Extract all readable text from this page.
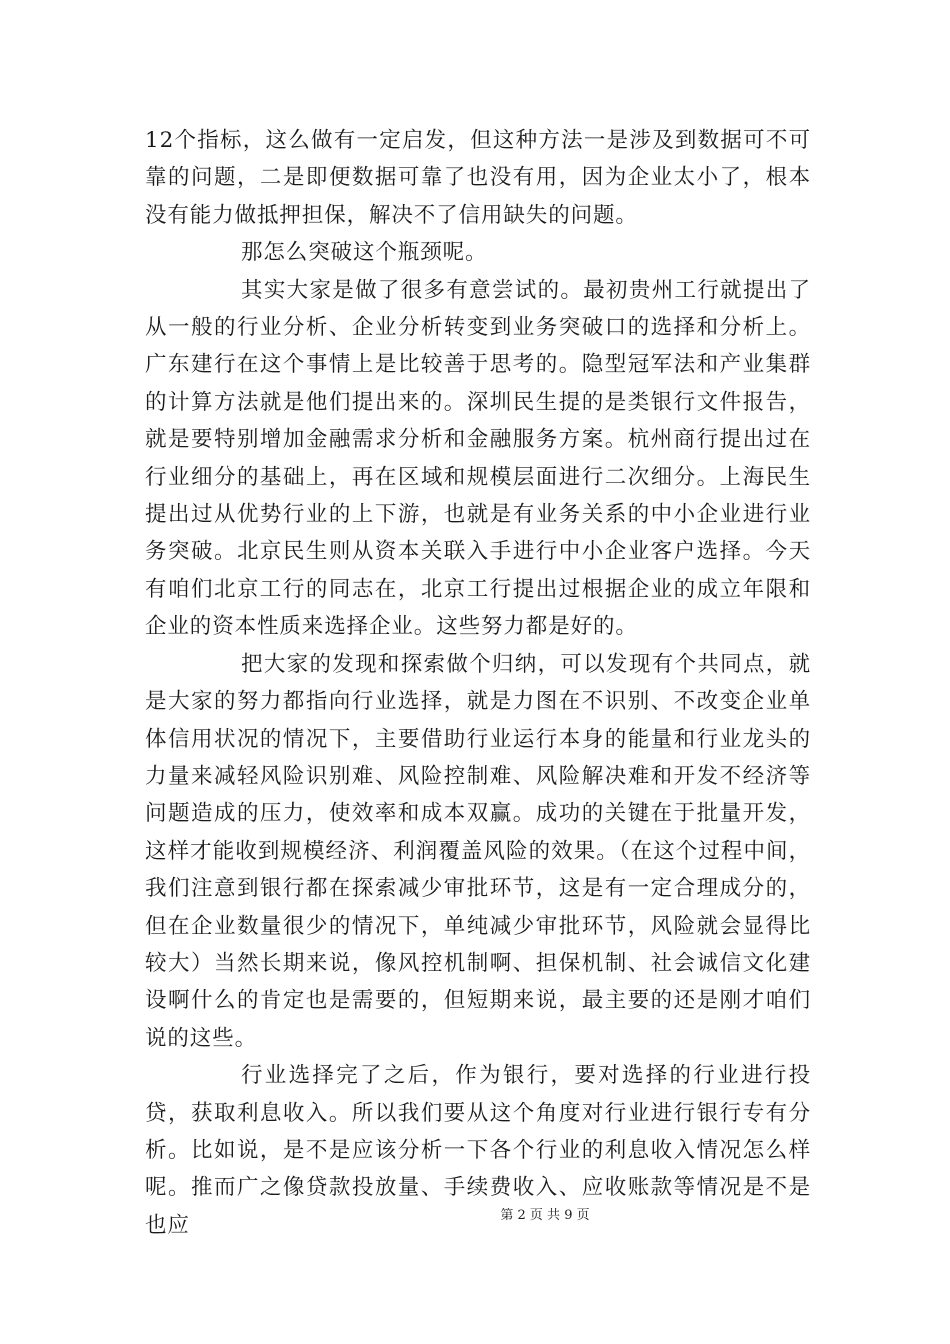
12个指标，这么做有一定启发，但这种方法一是涉及到数据可不可靠的问题，二是即便数据可靠了也没有用，因为企业太小了，根本没有能力做抵押担保，解决不了信用缺失的问题。

那怎么突破这个瓶颈呢。

其实大家是做了很多有意尝试的。最初贵州工行就提出了从一般的行业分析、企业分析转变到业务突破口的选择和分析上。广东建行在这个事情上是比较善于思考的。隐型冠军法和产业集群的计算方法就是他们提出来的。深圳民生提的是类银行文件报告，就是要特别增加金融需求分析和金融服务方案。杭州商行提出过在行业细分的基础上，再在区域和规模层面进行二次细分。上海民生提出过从优势行业的上下游，也就是有业务关系的中小企业进行业务突破。北京民生则从资本关联入手进行中小企业客户选择。今天有咱们北京工行的同志在，北京工行提出过根据企业的成立年限和企业的资本性质来选择企业。这些努力都是好的。

把大家的发现和探索做个归纳，可以发现有个共同点，就是大家的努力都指向行业选择，就是力图在不识别、不改变企业单体信用状况的情况下，主要借助行业运行本身的能量和行业龙头的力量来减轻风险识别难、风险控制难、风险解决难和开发不经济等问题造成的压力，使效率和成本双赢。成功的关键在于批量开发，这样才能收到规模经济、利润覆盖风险的效果。（在这个过程中间，我们注意到银行都在探索减少审批环节，这是有一定合理成分的，但在企业数量很少的情况下，单纯减少审批环节，风险就会显得比较大）当然长期来说，像风控机制啊、担保机制、社会诚信文化建设啊什么的肯定也是需要的，但短期来说，最主要的还是刚才咱们说的这些。

行业选择完了之后，作为银行，要对选择的行业进行投贷，获取利息收入。所以我们要从这个角度对行业进行银行专有分析。比如说，是不是应该分析一下各个行业的利息收入情况怎么样呢。推而广之像贷款投放量、手续费收入、应收账款等情况是不是也应	第 2 页 共 9 页
